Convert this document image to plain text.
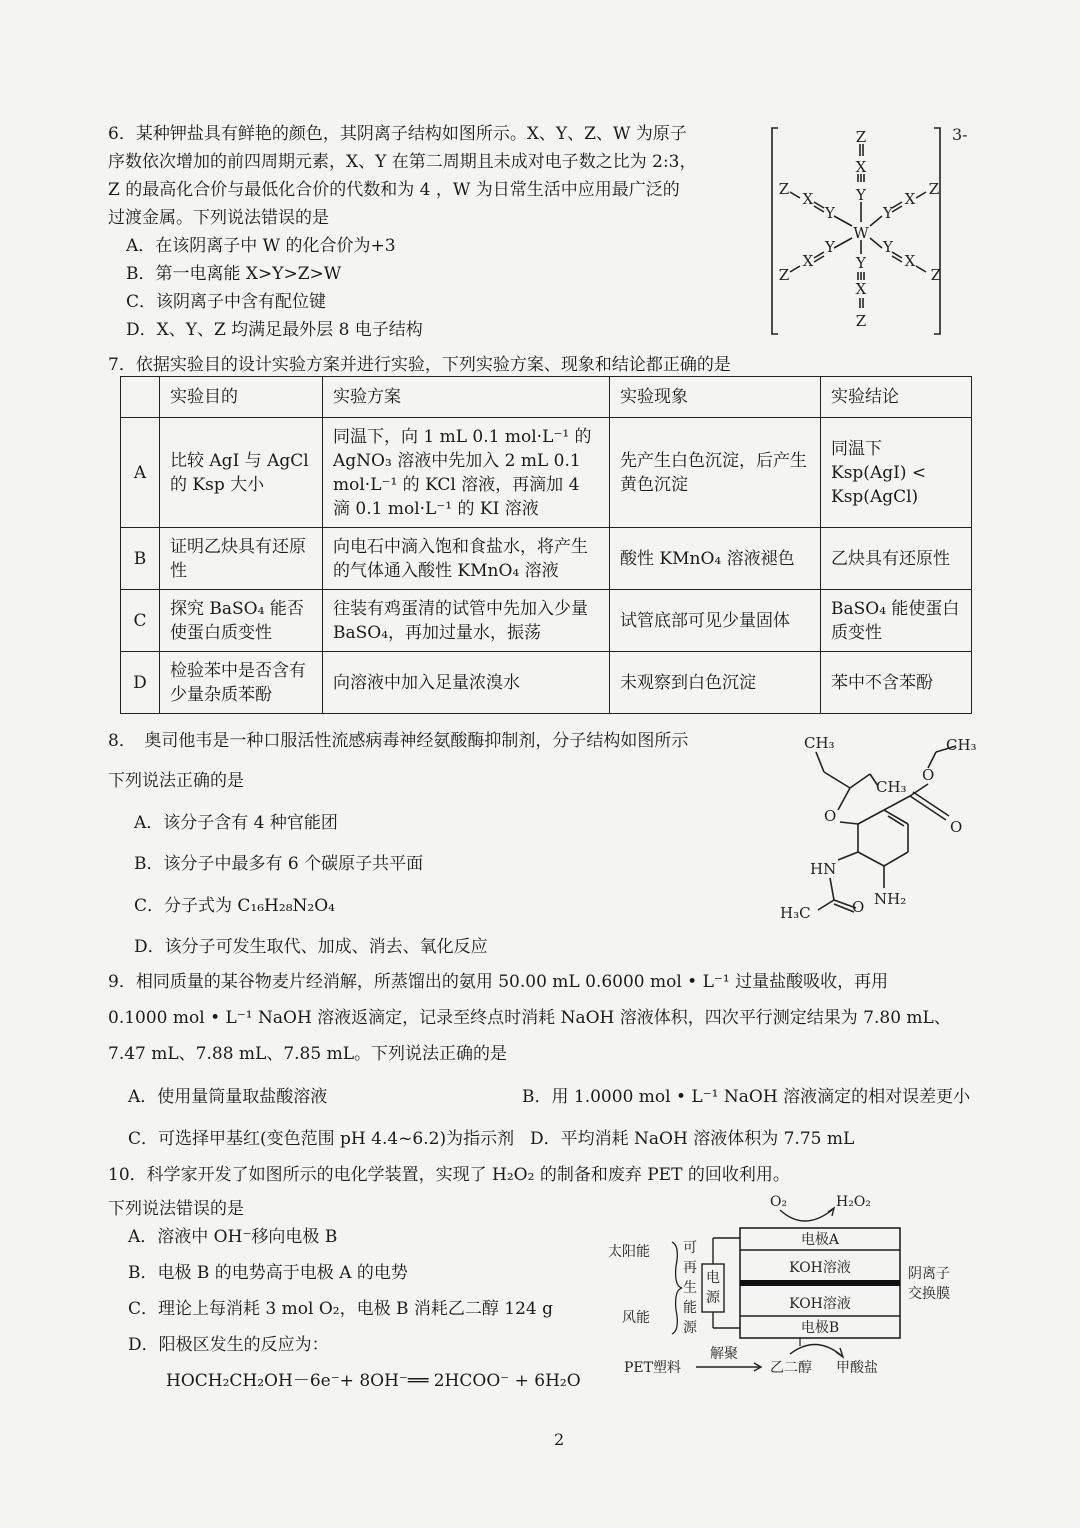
6．某种钾盐具有鲜艳的颜色，其阴离子结构如图所示。X、Y、Z、W 为原子
序数依次增加的前四周期元素，X、Y 在第二周期且未成对电子数之比为 2:3，
Z 的最高化合价与最低化合价的代数和为 4 ，W 为日常生活中应用最广泛的
过渡金属。下列说法错误的是
A．在该阴离子中 W 的化合价为+3
B．第一电离能 X>Y>Z>W
C．该阴离子中含有配位键
D．X、Y、Z 均满足最外层 8 电子结构
Z
X
Y
W
Y
X
Z
Z
X
Y
Z
X
Y
Z
X
Y
Z
X
Y
3-
7．依据实验目的设计实验方案并进行实验，下列实验方案、现象和结论都正确的是
	实验目的	实验方案	实验现象	实验结论
A	比较 AgI 与 AgCl 的 Ksp 大小	同温下，向 1 mL 0.1 mol·L⁻¹ 的 AgNO₃ 溶液中先加入 2 mL 0.1 mol·L⁻¹ 的 KCl 溶液，再滴加 4 滴 0.1 mol·L⁻¹ 的 KI 溶液	先产生白色沉淀，后产生黄色沉淀	同温下 Ksp(AgI) < Ksp(AgCl)
B	证明乙炔具有还原性	向电石中滴入饱和食盐水，将产生的气体通入酸性 KMnO₄ 溶液	酸性 KMnO₄ 溶液褪色	乙炔具有还原性
C	探究 BaSO₄ 能否使蛋白质变性	往装有鸡蛋清的试管中先加入少量 BaSO₄，再加过量水，振荡	试管底部可见少量固体	BaSO₄ 能使蛋白质变性
D	检验苯中是否含有少量杂质苯酚	向溶液中加入足量浓溴水	未观察到白色沉淀	苯中不含苯酚
8．　奥司他韦是一种口服活性流感病毒神经氨酸酶抑制剂，分子结构如图所示
下列说法正确的是
A．该分子含有 4 种官能团
B．该分子中最多有 6 个碳原子共平面
C．分子式为 C₁₆H₂₈N₂O₄
D．该分子可发生取代、加成、消去、氧化反应
CH₃
CH₃
CH₃
O
O
O
O
HN
NH₂
H₃C
9．相同质量的某谷物麦片经消解，所蒸馏出的氨用 50.00 mL 0.6000 mol • L⁻¹ 过量盐酸吸收，再用
0.1000 mol • L⁻¹ NaOH 溶液返滴定，记录至终点时消耗 NaOH 溶液体积，四次平行测定结果为 7.80 mL、
7.47 mL、7.88 mL、7.85 mL。下列说法正确的是
A．使用量筒量取盐酸溶液	B．用 1.0000 mol • L⁻¹ NaOH 溶液滴定的相对误差更小
C．可选择甲基红(变色范围 pH 4.4~6.2)为指示剂 D．平均消耗 NaOH 溶液体积为 7.75 mL
10．科学家开发了如图所示的电化学装置，实现了 H₂O₂ 的制备和废弃 PET 的回收利用。
下列说法错误的是
A．溶液中 OH⁻移向电极 B
B．电极 B 的电势高于电极 A 的电势
C．理论上每消耗 3 mol O₂，电极 B 消耗乙二醇 124 g
D．阳极区发生的反应为：
HOCH₂CH₂OH－6e⁻+ 8OH⁻══ 2HCOO⁻ + 6H₂O
O₂	H₂O₂
电极A
KOH溶液
KOH溶液
电极B
电
源
太阳能
风能
可
再
生
能
源
阴离子
交换膜
PET塑料
解聚
乙二醇 甲酸盐
2
